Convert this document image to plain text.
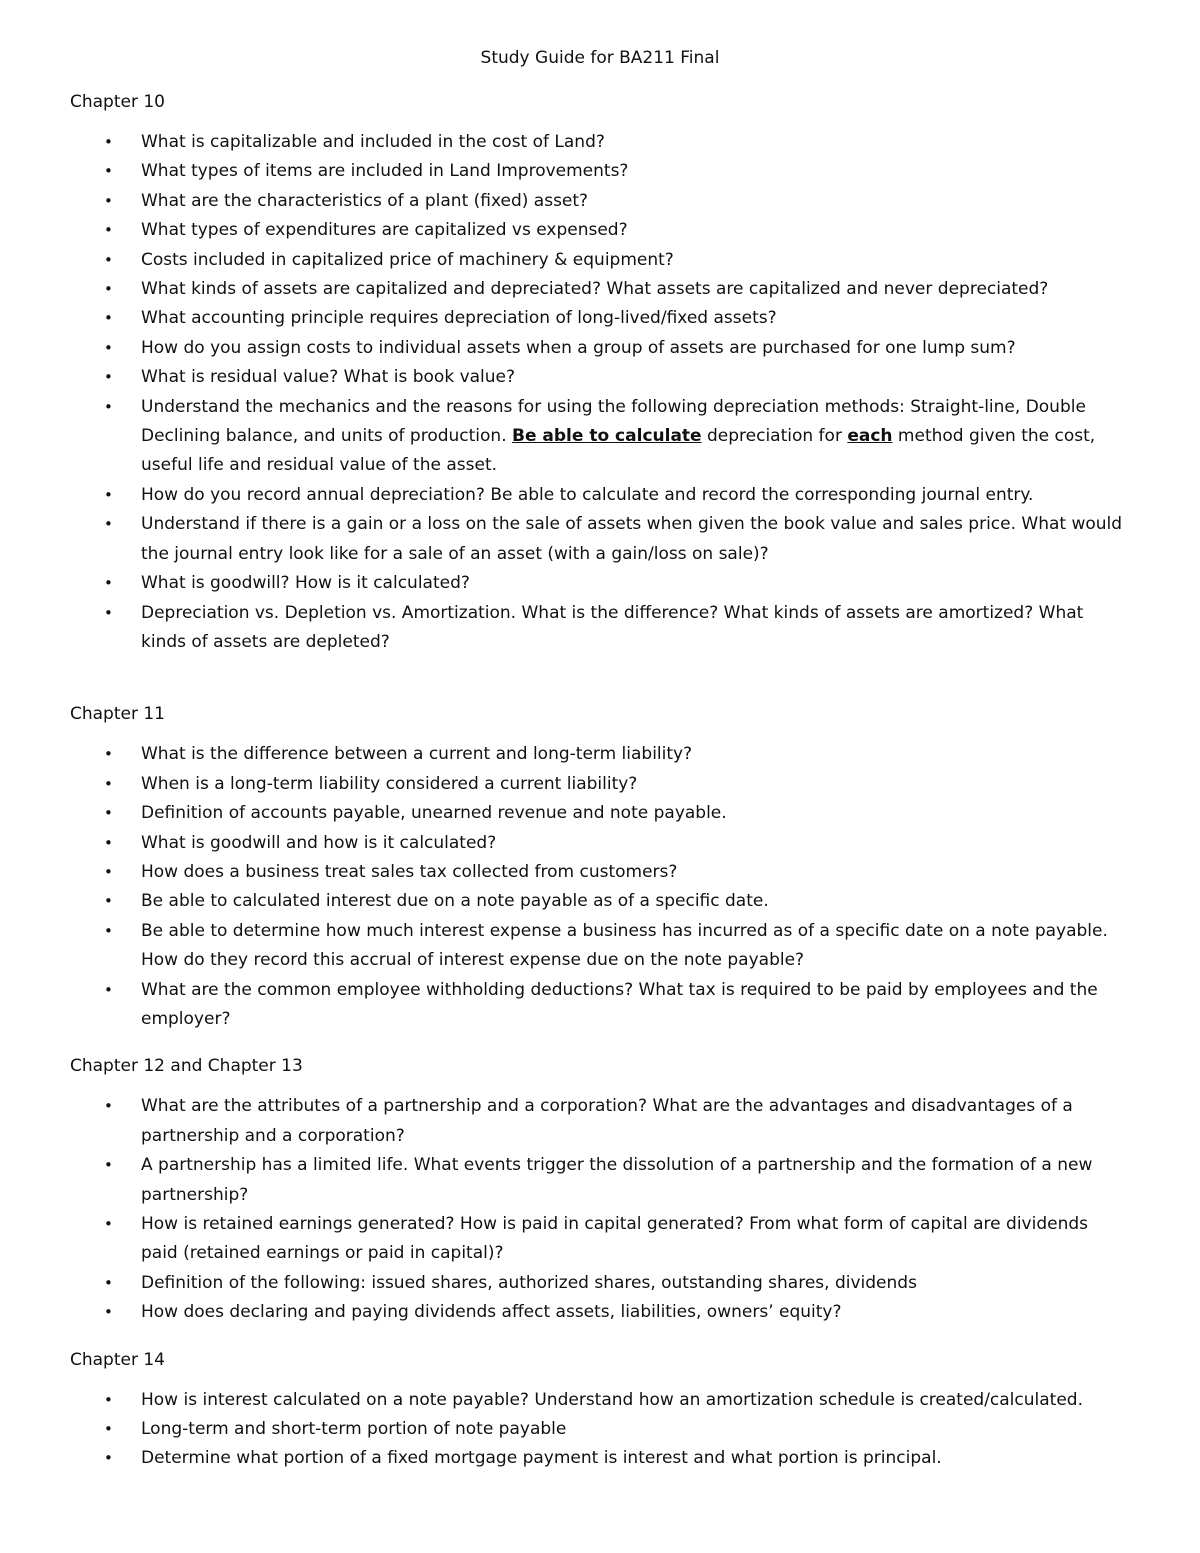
Study Guide for BA211 Final
Chapter 10
• What is capitalizable and included in the cost of Land?
• What types of items are included in Land Improvements?
• What are the characteristics of a plant (fixed) asset?
• What types of expenditures are capitalized vs expensed?
• Costs included in capitalized price of machinery & equipment?
• What kinds of assets are capitalized and depreciated? What assets are capitalized and never depreciated?
• What accounting principle requires depreciation of long-lived/fixed assets?
• How do you assign costs to individual assets when a group of assets are purchased for one lump sum?
• What is residual value? What is book value?
• Understand the mechanics and the reasons for using the following depreciation methods: Straight-line, Double Declining balance, and units of production. Be able to calculate depreciation for each method given the cost, useful life and residual value of the asset.
• How do you record annual depreciation? Be able to calculate and record the corresponding journal entry.
• Understand if there is a gain or a loss on the sale of assets when given the book value and sales price. What would the journal entry look like for a sale of an asset (with a gain/loss on sale)?
• What is goodwill? How is it calculated?
• Depreciation vs. Depletion vs. Amortization. What is the difference? What kinds of assets are amortized? What kinds of assets are depleted?
Chapter 11
• What is the difference between a current and long-term liability?
• When is a long-term liability considered a current liability?
• Definition of accounts payable, unearned revenue and note payable.
• What is goodwill and how is it calculated?
• How does a business treat sales tax collected from customers?
• Be able to calculated interest due on a note payable as of a specific date.
• Be able to determine how much interest expense a business has incurred as of a specific date on a note payable. How do they record this accrual of interest expense due on the note payable?
• What are the common employee withholding deductions? What tax is required to be paid by employees and the employer?
Chapter 12 and Chapter 13
• What are the attributes of a partnership and a corporation? What are the advantages and disadvantages of a partnership and a corporation?
• A partnership has a limited life. What events trigger the dissolution of a partnership and the formation of a new partnership?
• How is retained earnings generated? How is paid in capital generated? From what form of capital are dividends paid (retained earnings or paid in capital)?
• Definition of the following: issued shares, authorized shares, outstanding shares, dividends
• How does declaring and paying dividends affect assets, liabilities, owners’ equity?
Chapter 14
• How is interest calculated on a note payable? Understand how an amortization schedule is created/calculated.
• Long-term and short-term portion of note payable
• Determine what portion of a fixed mortgage payment is interest and what portion is principal.
